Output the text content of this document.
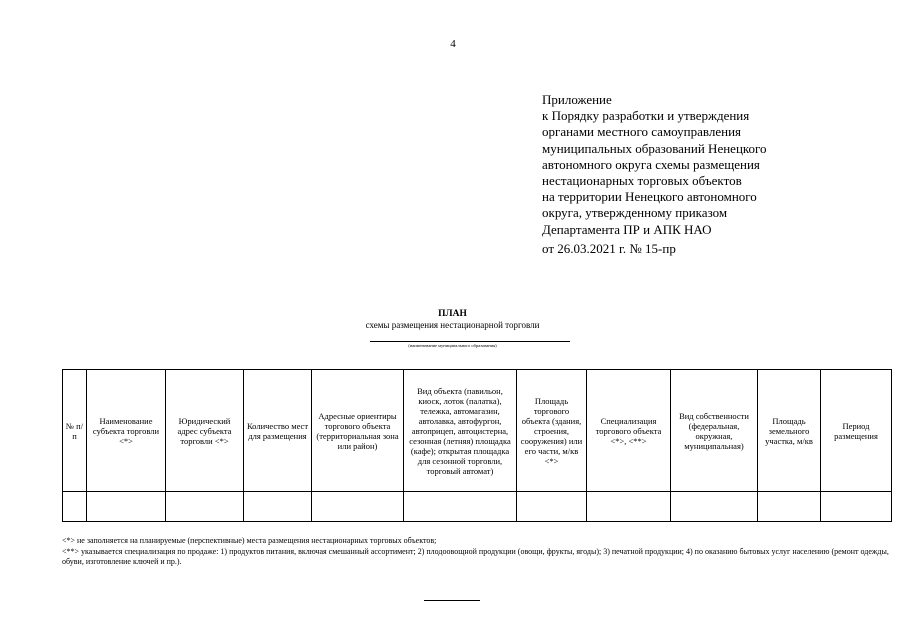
4
Приложение
к Порядку разработки и утверждения
органами местного самоуправления
муниципальных образований Ненецкого
автономного округа схемы размещения
нестационарных торговых объектов
на территории Ненецкого автономного
округа, утвержденному приказом
Департамента ПР и АПК НАО
от 26.03.2021 г. № 15-пр
ПЛАН
схемы размещения нестационарной торговли
(наименование муниципального образования)
№ п/п	Наименование субъекта торговли <*>	Юридический адрес субъекта торговли <*>	Количество мест для размещения	Адресные ориентиры торгового объекта (территориальная зона или район)	Вид объекта (павильон, киоск, лоток (палатка), тележка, автомагазин, автолавка, автофургон, автоприцеп, автоцистерна, сезонная (летняя) площадка (кафе); открытая площадка для сезонной торговли, торговый автомат)	Площадь торгового объекта (здания, строения, сооружения) или его части, м/кв <*>	Специализация торгового объекта <*>, <**>	Вид собственности (федеральная, окружная, муниципальная)	Площадь земельного участка, м/кв	Период размещения

<*> не заполняется на планируемые (перспективные) места размещения нестационарных торговых объектов;
<**> указывается специализация по продаже: 1) продуктов питания, включая смешанный ассортимент; 2) плодоовощной продукции (овощи, фрукты, ягоды); 3) печатной продукции; 4) по оказанию бытовых услуг населению (ремонт одежды, обуви, изготовление ключей и пр.).
